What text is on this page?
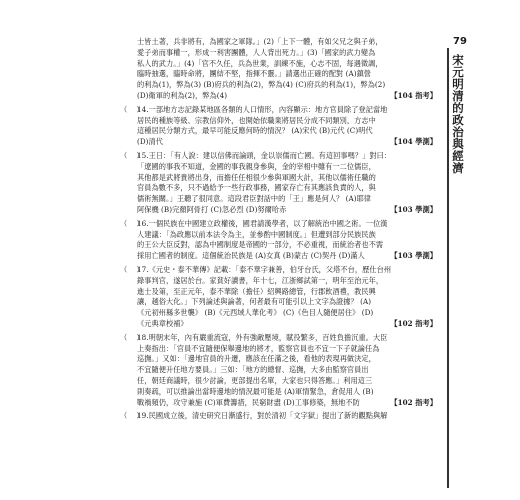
79
宋元明清的政治與經濟
士皆土著，兵非將有，為國家之軍隊。」(2)「上下一體，有如父兄之與子弟，
愛子弟而事權一，形成一利害團體，人人背出死力。」(3)「國家的武力變為
私人的武力。」(4)「官不久任，兵為世業，訓練不施，心志不固，每遇徵調，
臨時抽選，臨時命將，團結不堅，指揮不靈。」請選出正確的配對 (A)鎮營
的利為(1)，弊為(3) (B)府兵的利為(2)，弊為(4) (C)府兵的利為(1)，弊為(2)
(D)衛軍的利為(2)，弊為(4)	【104 指考】
（    ）
14.一部地方志記錄某地區各類的人口情形，內容顯示：地方官員除了登記當地
居民的種族等級、宗教信仰外，也開始依職業將居民分成不同類別，方志中
這種居民分類方式，最早可能反應何時的情況？ (A)宋代 (B)元代 (C)明代
(D)清代	【104 學測】
（    ）
15.王日：「有人說：建以信佛而論頭，金以崇儒而亡國。有這回事嗎？」對曰：
「遼國的事我不知道，金國的事我親身參與，金的宰相中雖有一二位儒臣，
其他都是武將貴將出身，而擔任任相很少參與軍國大計，其他以儒術任職的
官員為數不多，只不過給予一些行政事務，國家存亡有其應該負責的人，與
儒術無關。」王聽了很同意。這段君臣對話中的「王」應是何人？ (A)耶律
阿保機 (B)完顏阿骨打 (C)忽必烈 (D)努爾哈赤	【103 學測】
（    ）
16.一個民族在中國建立政權後，國君請漢學者，以了解統治中國之術。一位漢
人建議：「為政應以前本法令為主，並參酌中國制度。」但遭到部分民族民族
的王公大臣反對，認為中國制度是帝國的一部分，不必重視，而統治者也不需
採用亡國者的制度。這個統治民族是 (A)女真 (B)蒙古 (C)契丹 (D)滿人	【103 學測】
（    ）
17.《元史・泰不華傳》記載：「泰不華字兼善，伯牙台氏，父塔不台，歷仕台州
錄事判官，遂居於台。家貧好讀書，年十七，江浙鄉試第一，明年至治元年，
進士及第，至正元年，泰不華除（擔任）紹興路總管，行郡飲酒禮，教民興
讓，越俗大化。」下列論述與論著，何者最有可能引以上文字為證據？ (A)
《元初州縣多世襲》 (B)《元西域人華化考》 (C)《色目人隨便居住》 (D)
《元典章校補》	【102 指考】
（    ）
18.明朝末年，內有嚴重流寇，外有強敵壓境，賦役繁多，百姓負擔沉重。大臣
上奏指出：「官員不宜隨便保舉邊地的將才，監察官員也不宜一下子就論任為
巡撫。」又如：「邊地官員的升遷，應該在任滿之後，看他的表現再做決定，
不宜隨便升任地方要員。」三如：「地方的總督、巡撫，大多由監察官員出
任，朝廷商議時，很少討論，更部提出名單，大家也只得答應。」利用這三
則奏疏，可以推論出當時邊地的情況最可能是 (A)軍情緊急，倉促用人 (B)
戰禍頻仍，攻守兼施 (C)軍費籌措，民窮財盡 (D)工事修築，無地不防	【102 指考】
（    ）
19.民國成立後，清史研究日漸盛行，對於清初「文字獄」提出了新的觀點與解
